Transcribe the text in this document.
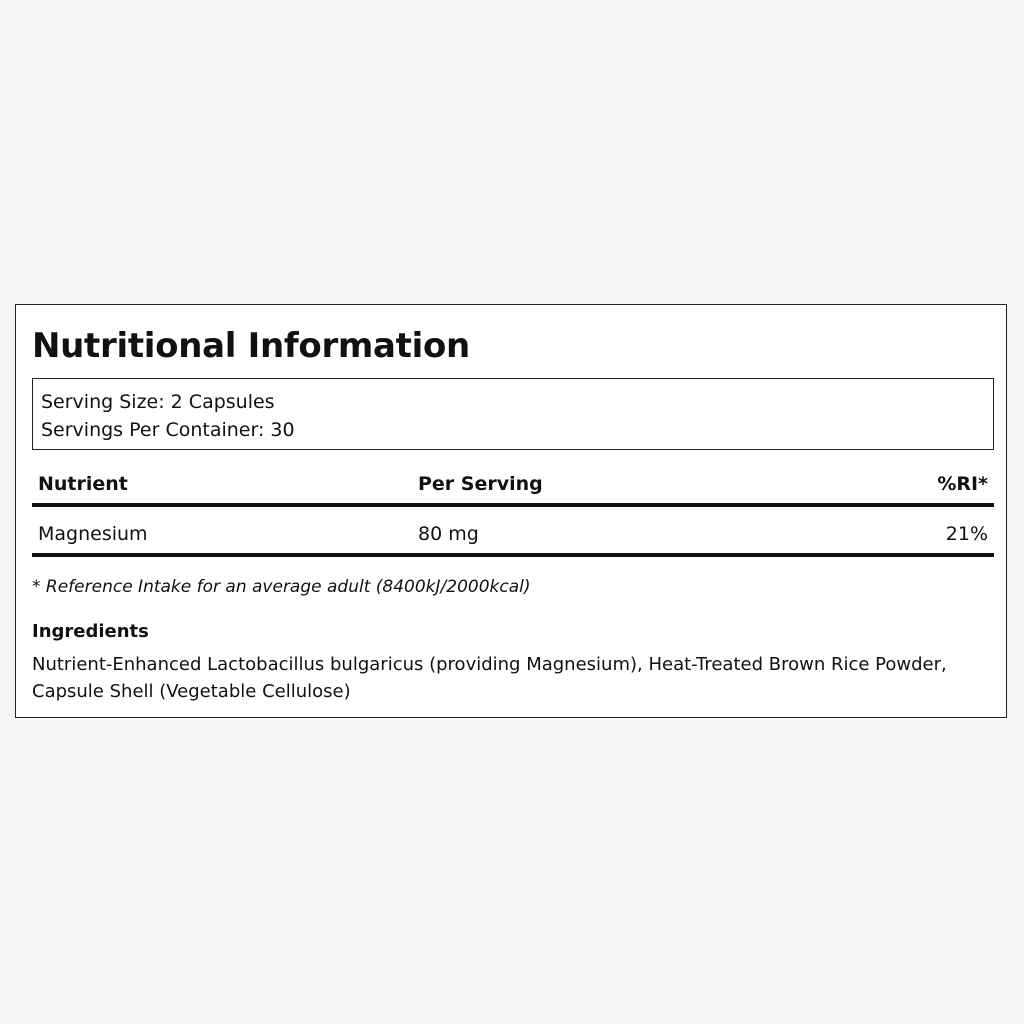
Nutritional Information
Serving Size: 2 Capsules
Servings Per Container: 30
Nutrient	Per Serving	%RI*
Magnesium	80 mg	21%
* Reference Intake for an average adult (8400kJ/2000kcal)
Ingredients
Nutrient-Enhanced Lactobacillus bulgaricus (providing Magnesium), Heat-Treated Brown Rice Powder, Capsule Shell (Vegetable Cellulose)
